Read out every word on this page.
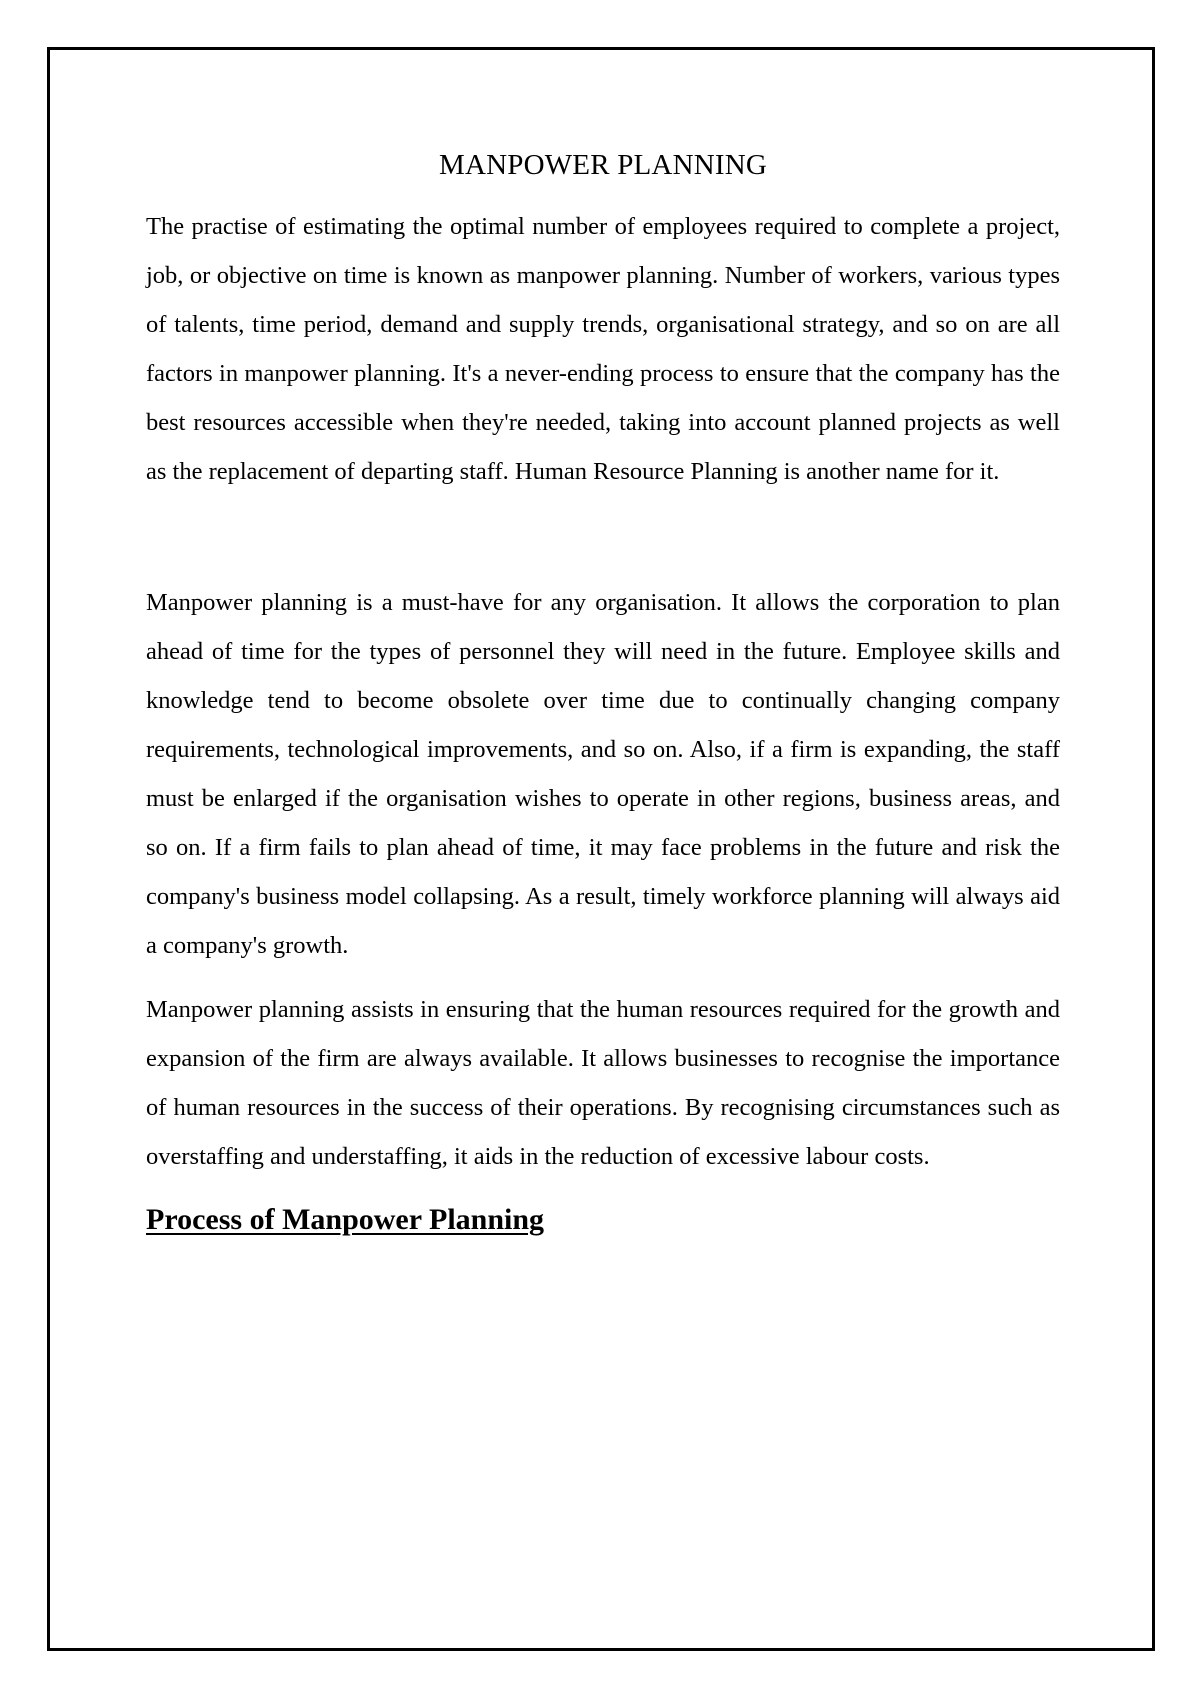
MANPOWER PLANNING

The practise of estimating the optimal number of employees required to complete a project, job, or objective on time is known as manpower planning. Number of workers, various types of talents, time period, demand and supply trends, organisational strategy, and so on are all factors in manpower planning. It's a never-ending process to ensure that the company has the best resources accessible when they're needed, taking into account planned projects as well as the replacement of departing staff. Human Resource Planning is another name for it.

Manpower planning is a must-have for any organisation. It allows the corporation to plan ahead of time for the types of personnel they will need in the future. Employee skills and knowledge tend to become obsolete over time due to continually changing company requirements, technological improvements, and so on. Also, if a firm is expanding, the staff must be enlarged if the organisation wishes to operate in other regions, business areas, and so on. If a firm fails to plan ahead of time, it may face problems in the future and risk the company's business model collapsing. As a result, timely workforce planning will always aid a company's growth.

Manpower planning assists in ensuring that the human resources required for the growth and expansion of the firm are always available. It allows businesses to recognise the importance of human resources in the success of their operations. By recognising circumstances such as overstaffing and understaffing, it aids in the reduction of excessive labour costs.

Process of Manpower Planning
